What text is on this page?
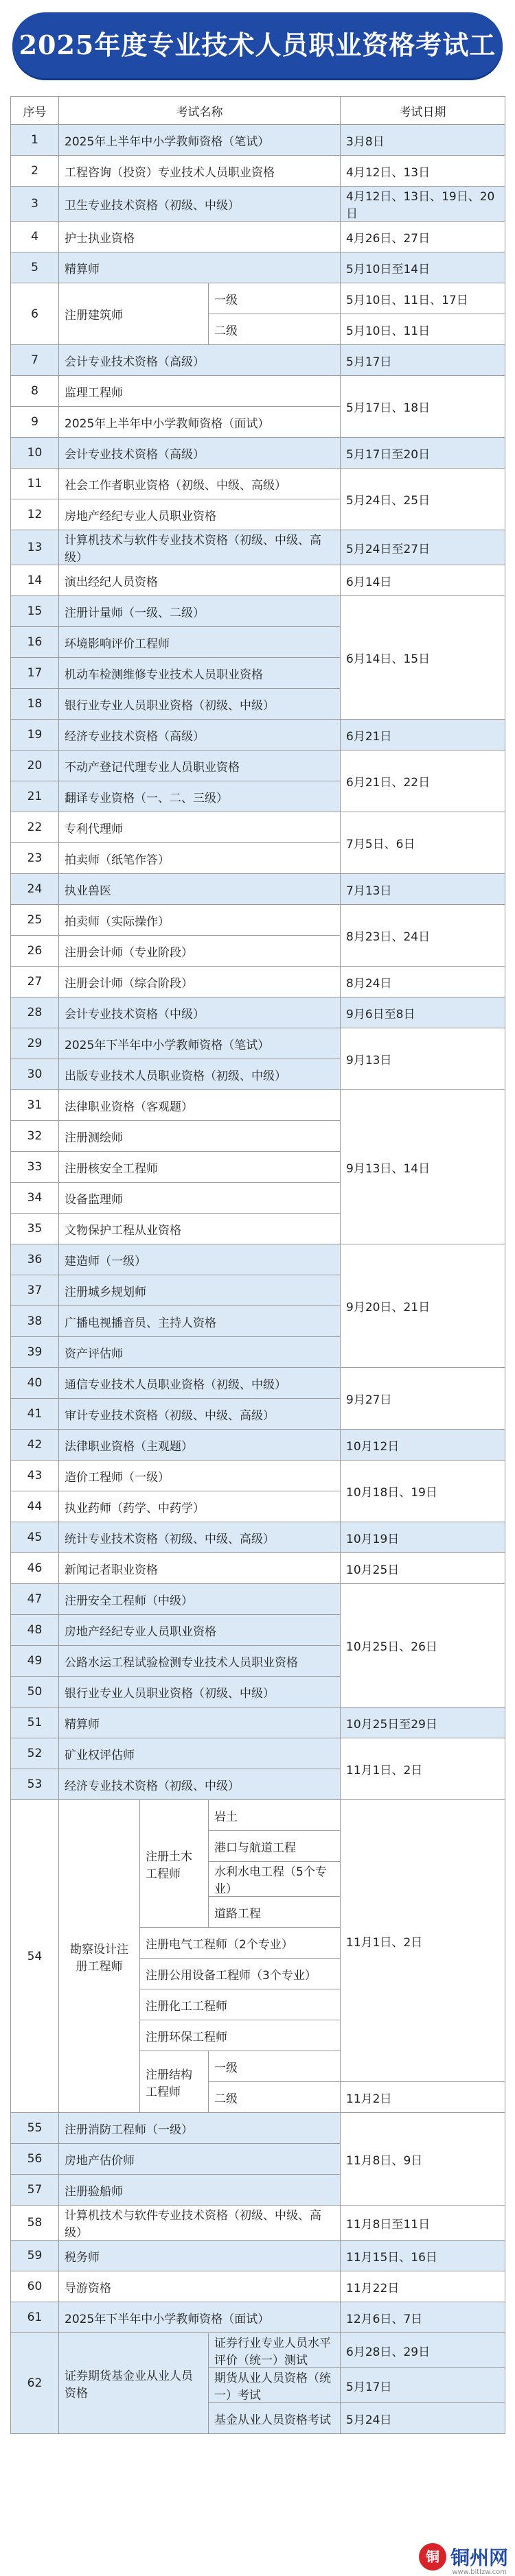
2025年度专业技术人员职业资格考试工
序号	考试名称			考试日期
1	2025年上半年中小学教师资格（笔试）			3月8日
2	工程咨询（投资）专业技术人员职业资格			4月12日、13日
3	卫生专业技术资格（初级、中级）			4月12日、13日、19日、20日
4	护士执业资格			4月26日、27日
5	精算师			5月10日至14日
6	注册建筑师		一级	5月10日、11日、17日
			二级	5月10日、11日
7	会计专业技术资格（高级）			5月17日
8	监理工程师			5月17日、18日
9	2025年上半年中小学教师资格（面试）			
10	会计专业技术资格（高级）			5月17日至20日
11	社会工作者职业资格（初级、中级、高级）			5月24日、25日
12	房地产经纪专业人员职业资格			
13	计算机技术与软件专业技术资格（初级、中级、高级）			5月24日至27日
14	演出经纪人员资格			6月14日
15	注册计量师（一级、二级）			6月14日、15日
16	环境影响评价工程师			
17	机动车检测维修专业技术人员职业资格			
18	银行业专业人员职业资格（初级、中级）			
19	经济专业技术资格（高级）			6月21日
20	不动产登记代理专业人员职业资格			6月21日、22日
21	翻译专业资格（一、二、三级）			
22	专利代理师			7月5日、6日
23	拍卖师（纸笔作答）			
24	执业兽医			7月13日
25	拍卖师（实际操作）			8月23日、24日
26	注册会计师（专业阶段）			
27	注册会计师（综合阶段）			8月24日
28	会计专业技术资格（中级）			9月6日至8日
29	2025年下半年中小学教师资格（笔试）			9月13日
30	出版专业技术人员职业资格（初级、中级）			
31	法律职业资格（客观题）			9月13日、14日
32	注册测绘师			
33	注册核安全工程师			
34	设备监理师			
35	文物保护工程从业资格			
36	建造师（一级）			9月20日、21日
37	注册城乡规划师			
38	广播电视播音员、主持人资格			
39	资产评估师			
40	通信专业技术人员职业资格（初级、中级）			9月27日
41	审计专业技术资格（初级、中级、高级）			
42	法律职业资格（主观题）			10月12日
43	造价工程师（一级）			10月18日、19日
44	执业药师（药学、中药学）			
45	统计专业技术资格（初级、中级、高级）			10月19日
46	新闻记者职业资格			10月25日
47	注册安全工程师（中级）			10月25日、26日
48	房地产经纪专业人员职业资格			
49	公路水运工程试验检测专业技术人员职业资格			
50	银行业专业人员职业资格（初级、中级）			
51	精算师			10月25日至29日
52	矿业权评估师			11月1日、2日
53	经济专业技术资格（初级、中级）			
54	勘察设计注册工程师	注册土木工程师	岩土	11月1日、2日
			港口与航道工程	
			水利水电工程（5个专业）	
			道路工程	
		注册电气工程师（2个专业）		
		注册公用设备工程师（3个专业）		
		注册化工工程师		
		注册环保工程师		
		注册结构工程师	一级	
			二级	11月2日
55	注册消防工程师（一级）			11月8日、9日
56	房地产估价师			
57	注册验船师			
58	计算机技术与软件专业技术资格（初级、中级、高级）			11月8日至11日
59	税务师			11月15日、16日
60	导游资格			11月22日
61	2025年下半年中小学教师资格（面试）			12月6日、7日
62	证券期货基金业从业人员资格		证券行业专业人员水平评价（统一）测试	6月28日、29日
			期货从业人员资格（统一）考试	5月17日
			基金从业人员资格考试	5月24日
铜 铜州网
www.bitlzw.com
